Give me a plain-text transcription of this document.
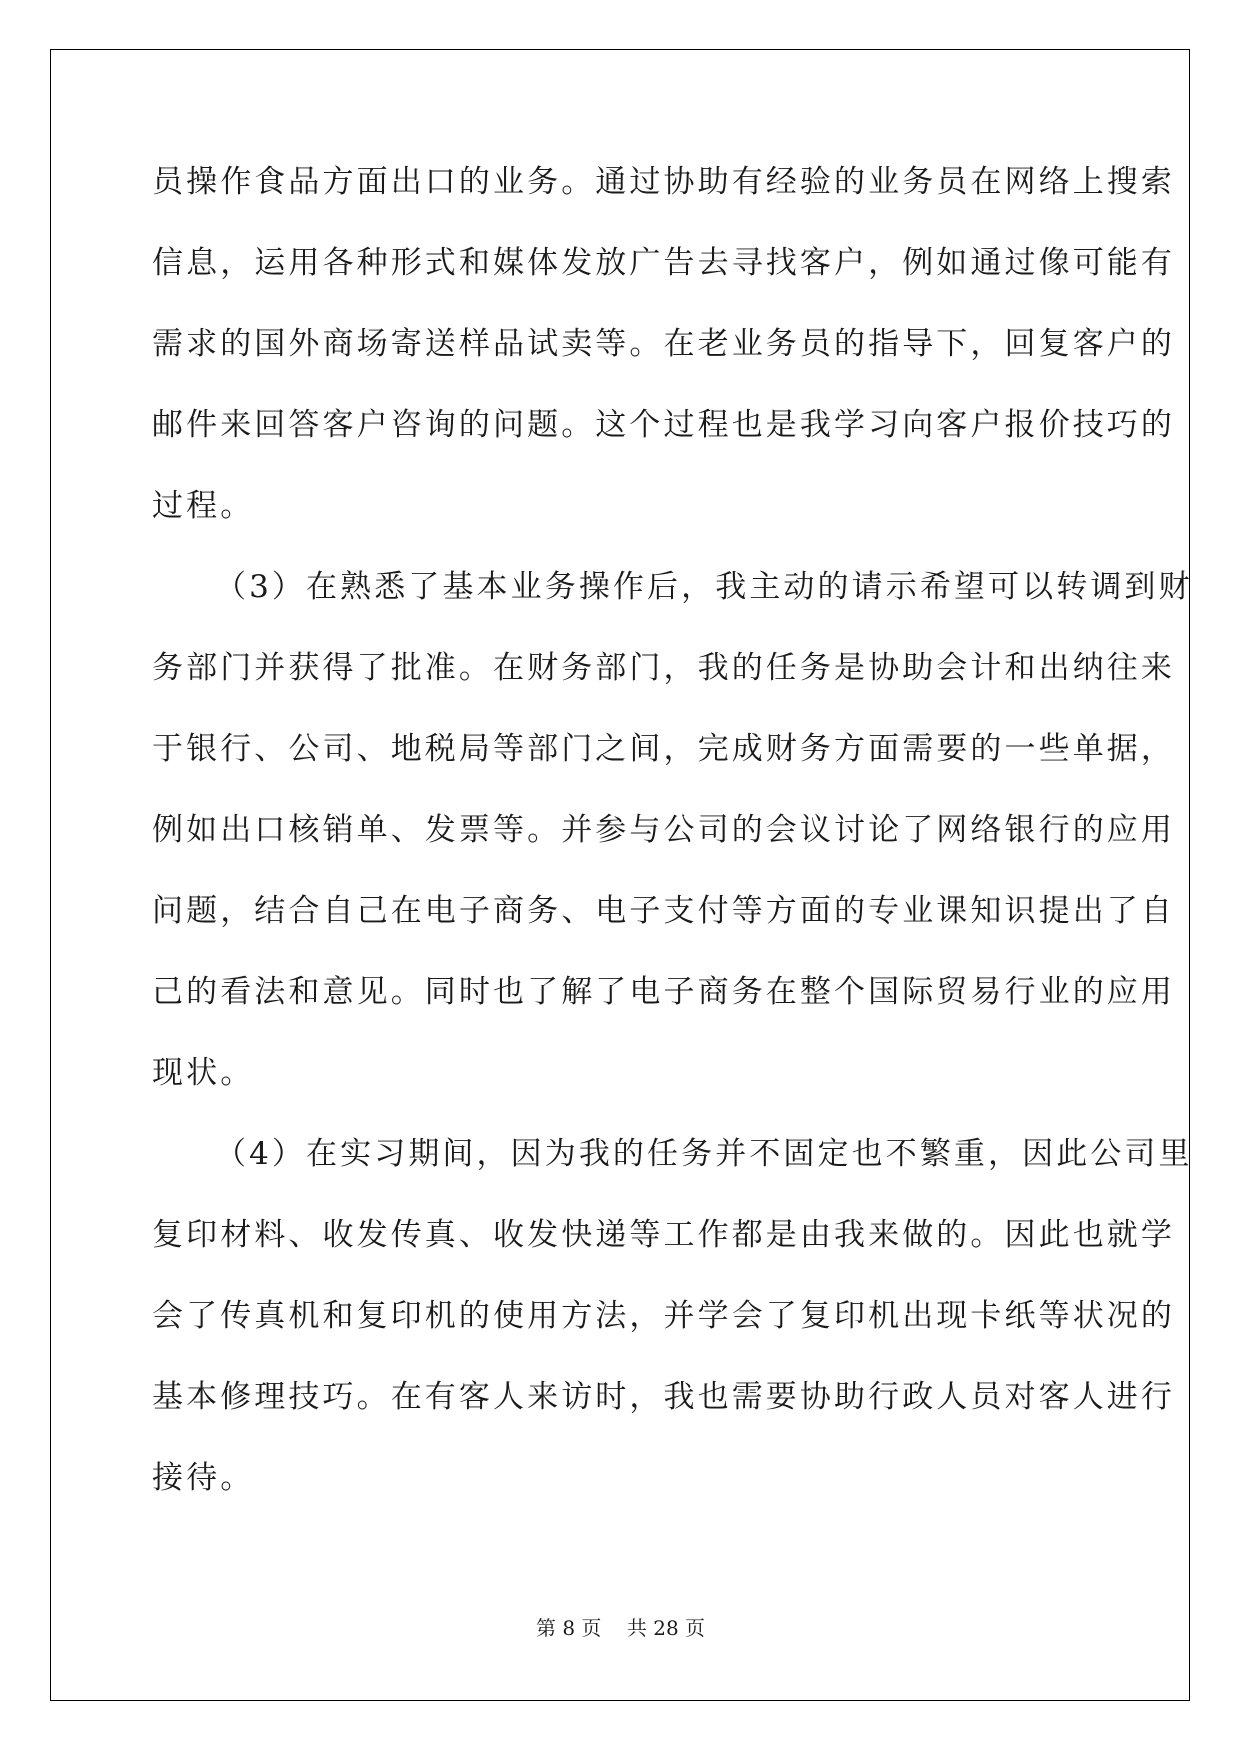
员操作食品方面出口的业务。通过协助有经验的业务员在网络上搜索
信息，运用各种形式和媒体发放广告去寻找客户，例如通过像可能有
需求的国外商场寄送样品试卖等。在老业务员的指导下，回复客户的
邮件来回答客户咨询的问题。这个过程也是我学习向客户报价技巧的
过程。
（3）在熟悉了基本业务操作后，我主动的请示希望可以转调到财
务部门并获得了批准。在财务部门，我的任务是协助会计和出纳往来
于银行、公司、地税局等部门之间，完成财务方面需要的一些单据，
例如出口核销单、发票等。并参与公司的会议讨论了网络银行的应用
问题，结合自己在电子商务、电子支付等方面的专业课知识提出了自
己的看法和意见。同时也了解了电子商务在整个国际贸易行业的应用
现状。
（4）在实习期间，因为我的任务并不固定也不繁重，因此公司里
复印材料、收发传真、收发快递等工作都是由我来做的。因此也就学
会了传真机和复印机的使用方法，并学会了复印机出现卡纸等状况的
基本修理技巧。在有客人来访时，我也需要协助行政人员对客人进行
接待。
第 8 页 共 28 页
